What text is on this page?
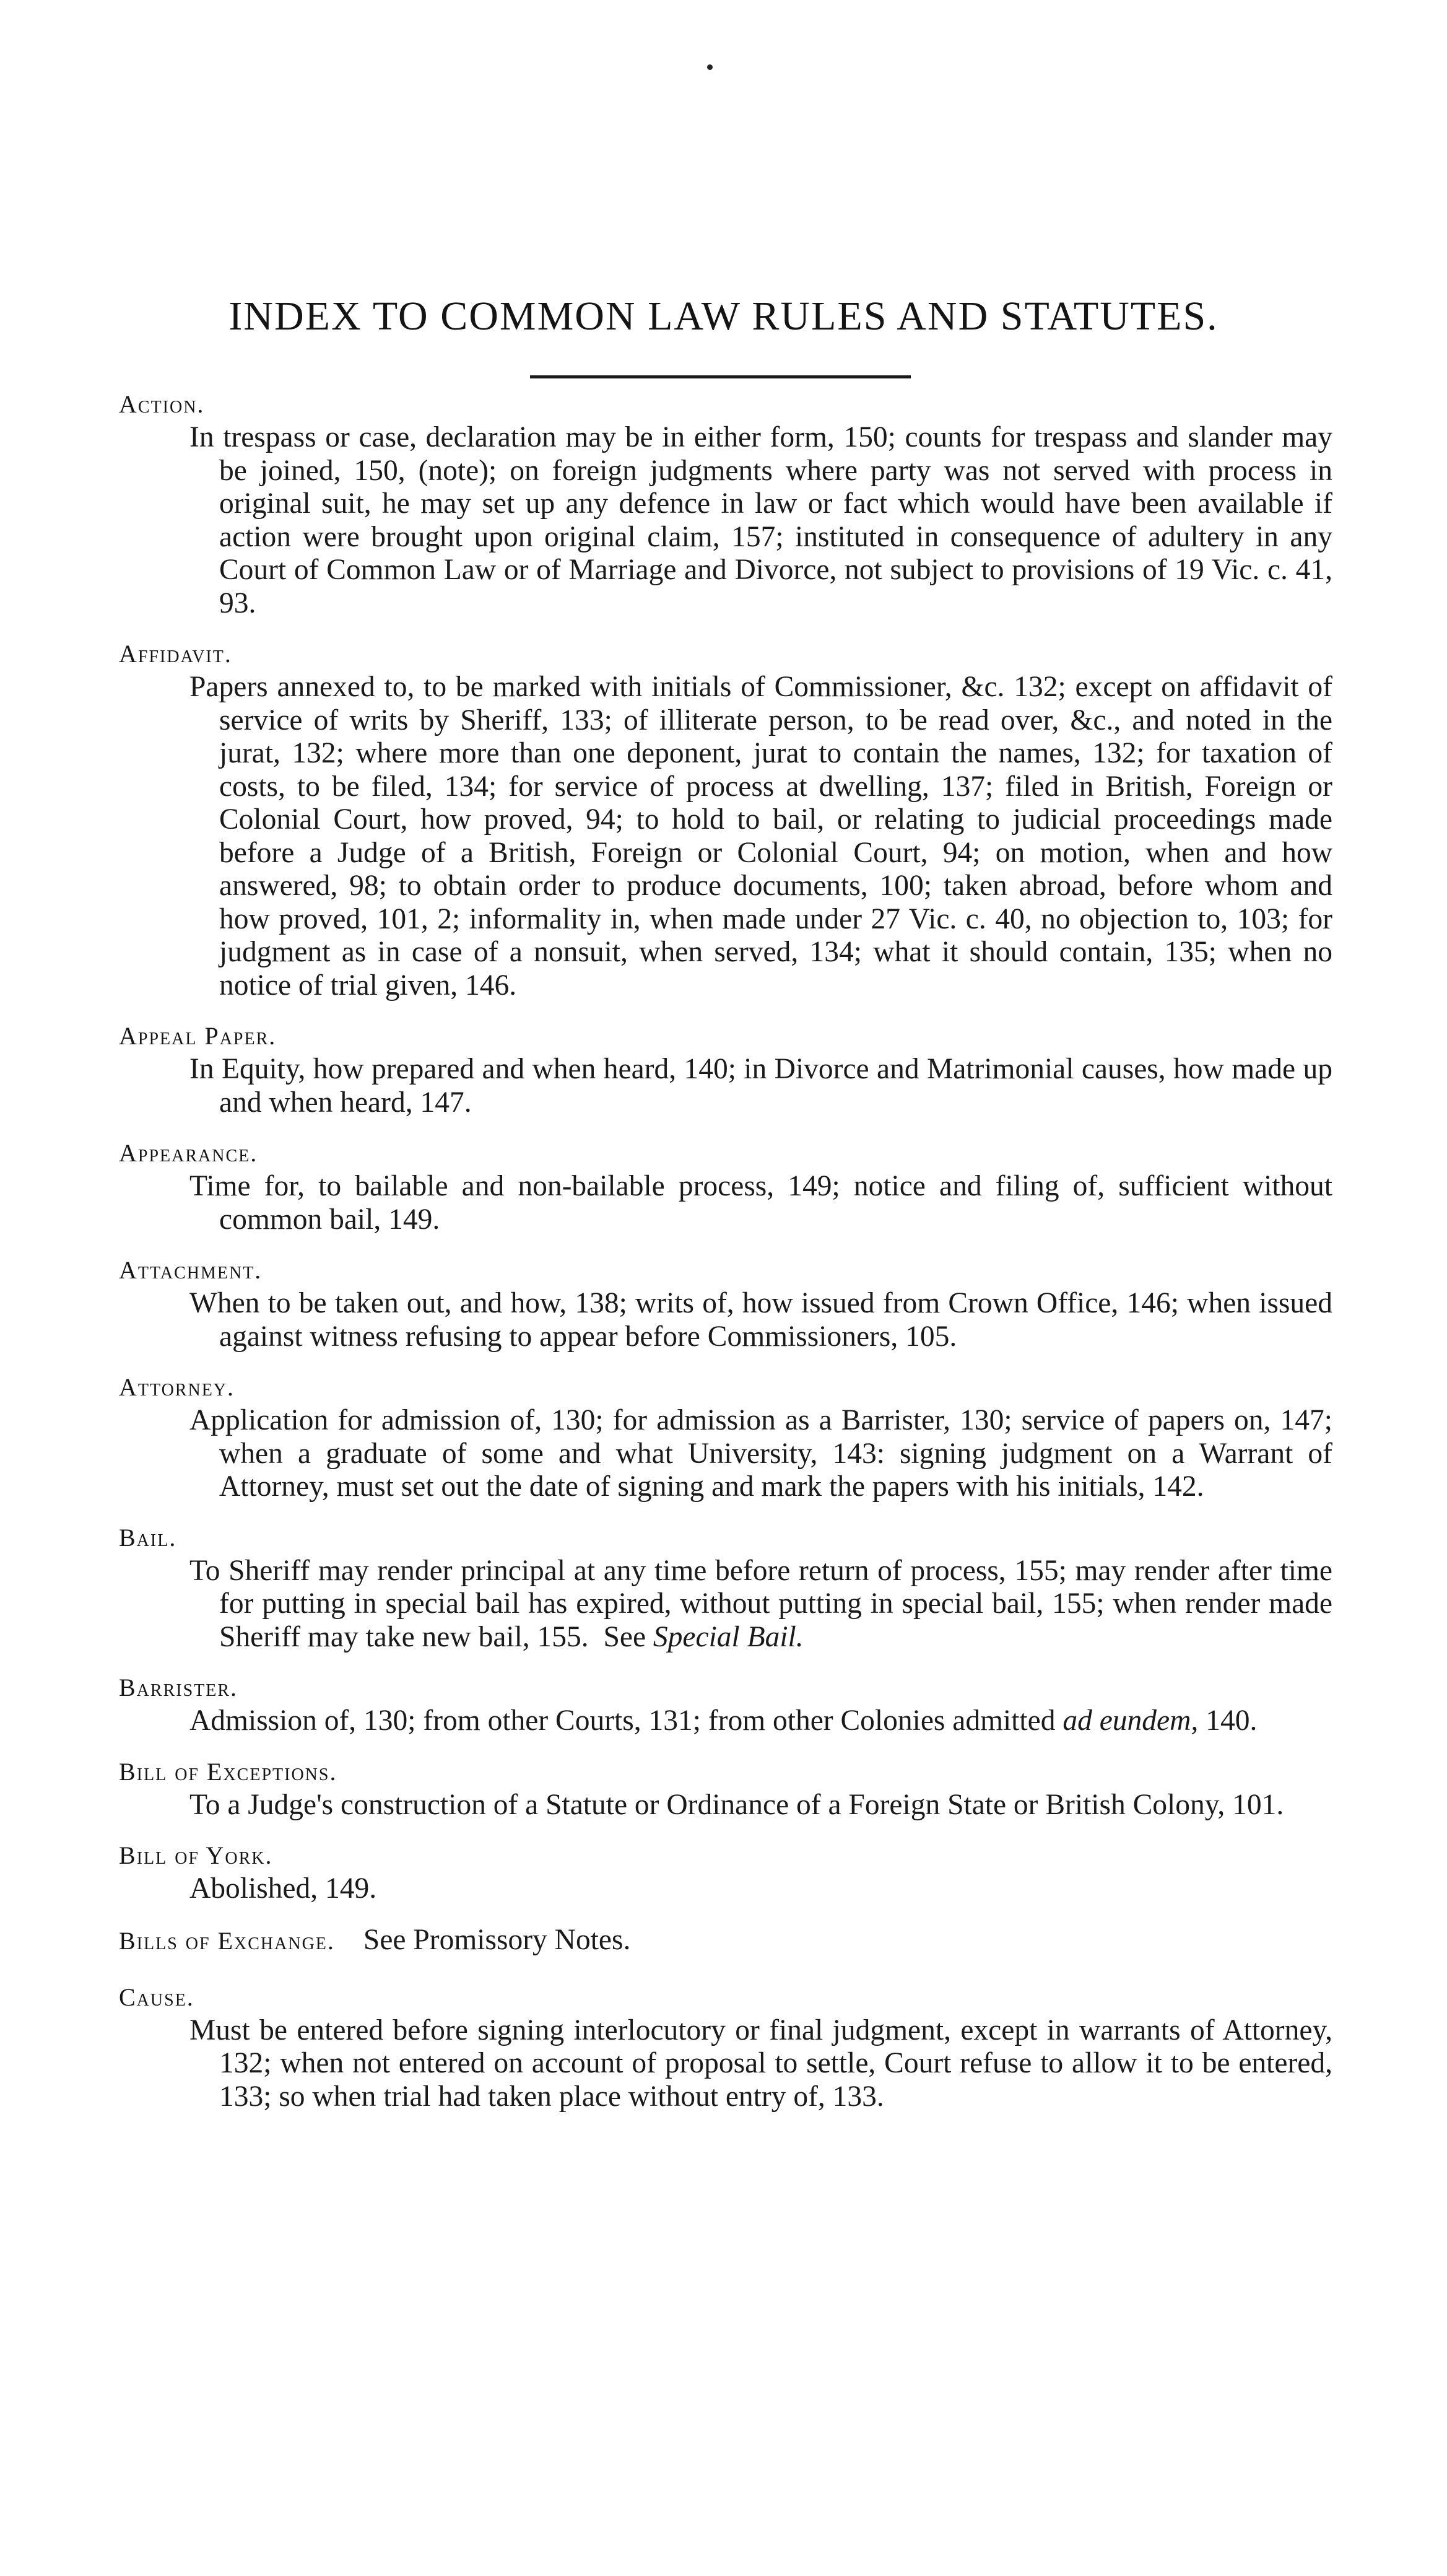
INDEX TO COMMON LAW RULES AND STATUTES.
Action.
In trespass or case, declaration may be in either form, 150; counts for trespass and slander may be joined, 150, (note); on foreign judgments where party was not served with process in original suit, he may set up any defence in law or fact which would have been available if action were brought upon original claim, 157; instituted in consequence of adultery in any Court of Common Law or of Marriage and Divorce, not subject to provisions of 19 Vic. c. 41, 93.
Affidavit.
Papers annexed to, to be marked with initials of Commissioner, &c. 132; except on affidavit of service of writs by Sheriff, 133; of illiterate person, to be read over, &c., and noted in the jurat, 132; where more than one deponent, jurat to contain the names, 132; for taxation of costs, to be filed, 134; for service of process at dwelling, 137; filed in British, Foreign or Colonial Court, how proved, 94; to hold to bail, or relating to judicial proceedings made before a Judge of a British, Foreign or Colonial Court, 94; on motion, when and how answered, 98; to obtain order to produce documents, 100; taken abroad, before whom and how proved, 101, 2; informality in, when made under 27 Vic. c. 40, no objection to, 103; for judgment as in case of a nonsuit, when served, 134; what it should contain, 135; when no notice of trial given, 146.
Appeal Paper.
In Equity, how prepared and when heard, 140; in Divorce and Matrimonial causes, how made up and when heard, 147.
Appearance.
Time for, to bailable and non-bailable process, 149; notice and filing of, sufficient without common bail, 149.
Attachment.
When to be taken out, and how, 138; writs of, how issued from Crown Office, 146; when issued against witness refusing to appear before Commissioners, 105.
Attorney.
Application for admission of, 130; for admission as a Barrister, 130; service of papers on, 147; when a graduate of some and what University, 143: signing judgment on a Warrant of Attorney, must set out the date of signing and mark the papers with his initials, 142.
Bail.
To Sheriff may render principal at any time before return of process, 155; may render after time for putting in special bail has expired, without putting in special bail, 155; when render made Sheriff may take new bail, 155. See Special Bail.
Barrister.
Admission of, 130; from other Courts, 131; from other Colonies admitted ad eundem, 140.
Bill of Exceptions.
To a Judge's construction of a Statute or Ordinance of a Foreign State or British Colony, 101.
Bill of York.
Abolished, 149.
Bills of Exchange. See Promissory Notes.
Cause.
Must be entered before signing interlocutory or final judgment, except in warrants of Attorney, 132; when not entered on account of proposal to settle, Court refuse to allow it to be entered, 133; so when trial had taken place without entry of, 133.
